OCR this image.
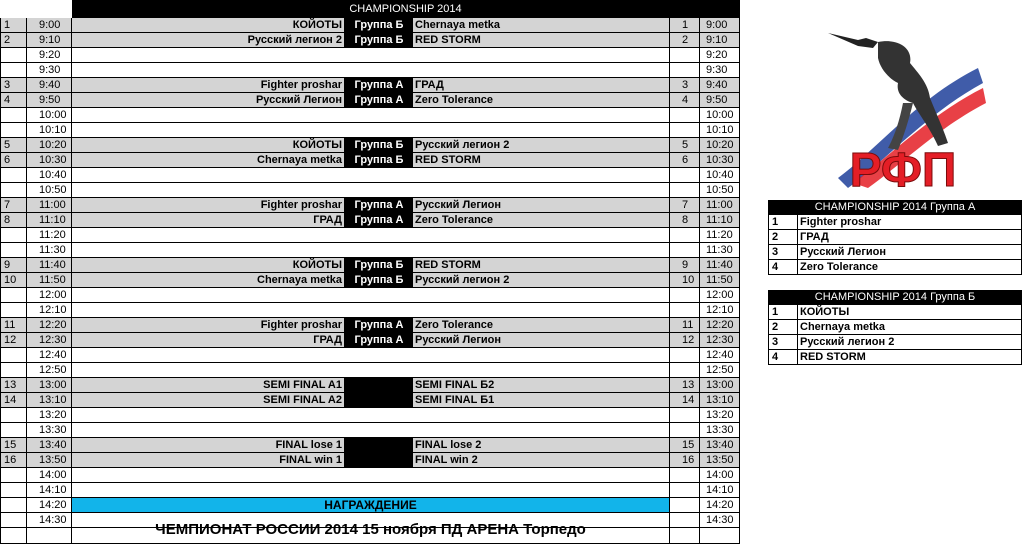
CHAMPIONSHIP 2014
1	9:00	КОЙОТЫ	Группа Б	Chernaya metka	1	9:00
2	9:10	Русский легион 2	Группа Б	RED STORM	2	9:10
9:20	9:20
9:30	9:30
3	9:40	Fighter proshar	Группа А	ГРАД	3	9:40
4	9:50	Русский Легион	Группа А	Zero Tolerance	4	9:50
10:00	10:00
10:10	10:10
5	10:20	КОЙОТЫ	Группа Б	Русский легион 2	5	10:20
6	10:30	Chernaya metka	Группа Б	RED STORM	6	10:30
10:40	10:40
10:50	10:50
7	11:00	Fighter proshar	Группа А	Русский Легион	7	11:00
8	11:10	ГРАД	Группа А	Zero Tolerance	8	11:10
11:20	11:20
11:30	11:30
9	11:40	КОЙОТЫ	Группа Б	RED STORM	9	11:40
10	11:50	Chernaya metka	Группа Б	Русский легион 2	10	11:50
12:00	12:00
12:10	12:10
11	12:20	Fighter proshar	Группа А	Zero Tolerance	11	12:20
12	12:30	ГРАД	Группа А	Русский Легион	12	12:30
12:40	12:40
12:50	12:50
13	13:00	SEMI FINAL A1	SEMI FINAL Б2	13	13:00
14	13:10	SEMI FINAL A2	SEMI FINAL Б1	14	13:10
13:20	13:20
13:30	13:30
15	13:40	FINAL lose 1	FINAL lose 2	15	13:40
16	13:50	FINAL win 1	FINAL win 2	16	13:50
14:00	14:00
14:10	14:10
14:20	НАГРАЖДЕНИЕ	14:20
14:30	14:30
ЧЕМПИОНАТ РОССИИ 2014 15 ноября ПД АРЕНА Торпедо
РФП
CHAMPIONSHIP 2014 Группа А
1	Fighter proshar
2	ГРАД
3	Русский Легион
4	Zero Tolerance
CHAMPIONSHIP 2014 Группа Б
1	КОЙОТЫ
2	Chernaya metka
3	Русский легион 2
4	RED STORM
